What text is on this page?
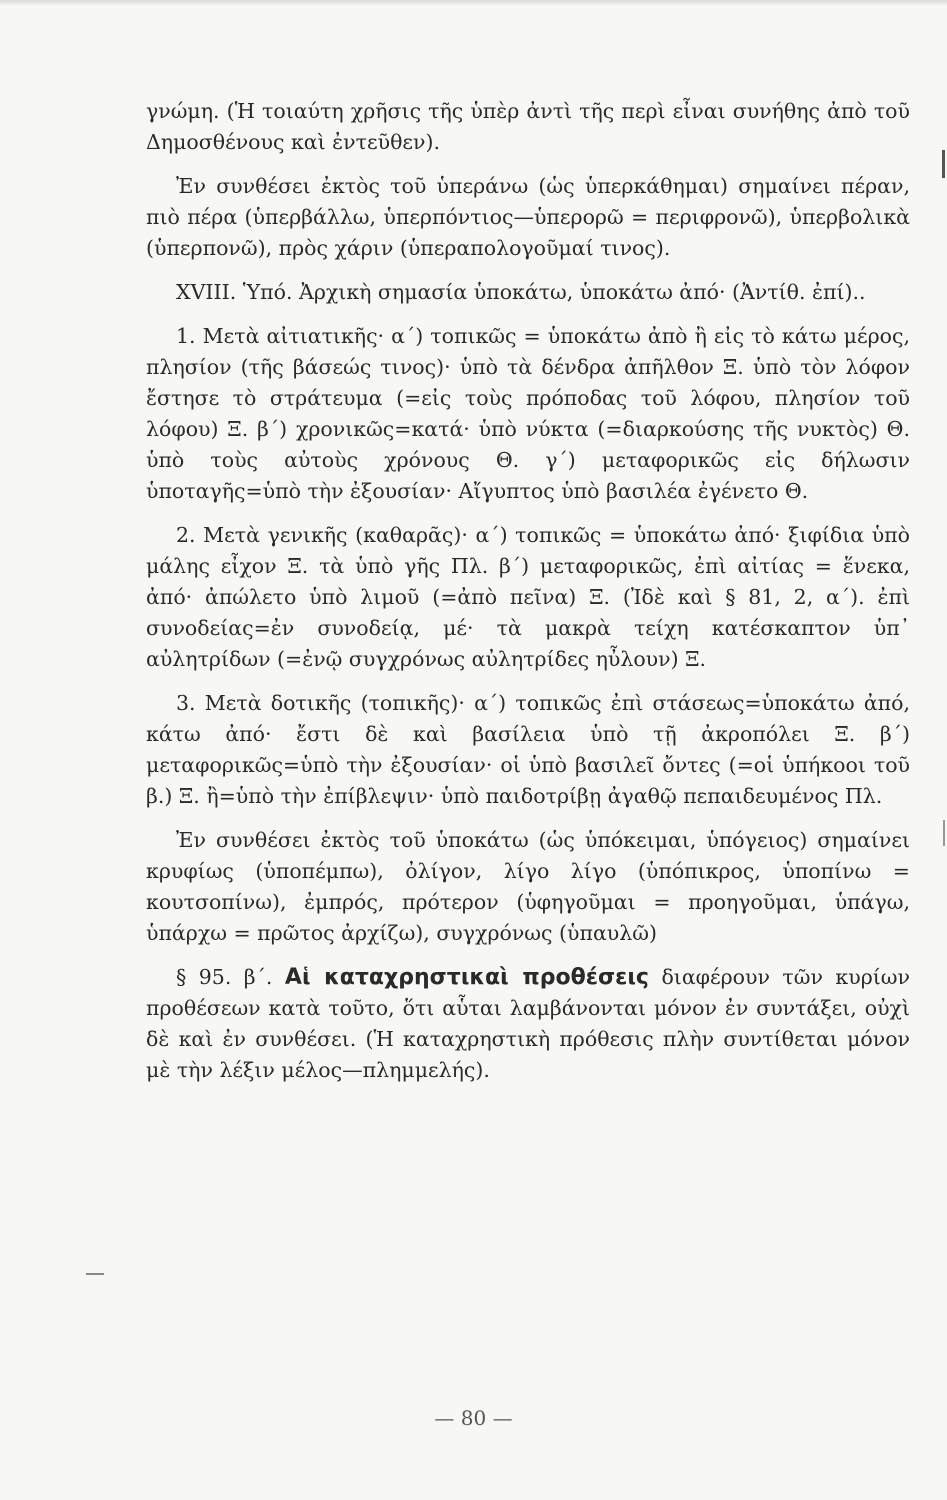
γνώμη. (Ἡ τοιαύτη χρῆσις τῆς ὑπὲρ ἀντὶ τῆς περὶ εἶναι συνήθης ἀπὸ τοῦ Δημοσθένους καὶ ἐντεῦθεν).

Ἐν συνθέσει ἐκτὸς τοῦ ὑπεράνω (ὡς ὑπερκάθημαι) σημαίνει πέραν, πιὸ πέρα (ὑπερβάλλω, ὑπερπόντιος—ὑπερορῶ = περιφρονῶ), ὑπερβολικὰ (ὑπερπονῶ), πρὸς χάριν (ὑπεραπολογοῦμαί τινος).

XVIII. Ὑπό. Ἀρχικὴ σημασία ὑποκάτω, ὑποκάτω ἀπό· (Ἀντίθ. ἐπί)..

1. Μετὰ αἰτιατικῆς· α΄) τοπικῶς = ὑποκάτω ἀπὸ ἢ εἰς τὸ κάτω μέρος, πλησίον (τῆς βάσεώς τινος)· ὑπὸ τὰ δένδρα ἀπῆλθον Ξ. ὑπὸ τὸν λόφον ἔστησε τὸ στράτευμα (=εἰς τοὺς πρόποδας τοῦ λόφου, πλησίον τοῦ λόφου) Ξ. β΄) χρονικῶς=κατά· ὑπὸ νύκτα (=διαρκούσης τῆς νυκτὸς) Θ. ὑπὸ τοὺς αὐτοὺς χρόνους Θ. γ΄) μεταφορικῶς εἰς δήλωσιν ὑποταγῆς=ὑπὸ τὴν ἐξουσίαν· Αἴγυπτος ὑπὸ βασιλέα ἐγένετο Θ.

2. Μετὰ γενικῆς (καθαρᾶς)· α΄) τοπικῶς = ὑποκάτω ἀπό· ξιφίδια ὑπὸ μάλης εἶχον Ξ. τὰ ὑπὸ γῆς Πλ. β΄) μεταφορικῶς, ἐπὶ αἰτίας = ἕνεκα, ἀπό· ἀπώλετο ὑπὸ λιμοῦ (=ἀπὸ πεῖνα) Ξ. (Ἰδὲ καὶ § 81, 2, α΄). ἐπὶ συνοδείας=ἐν συνοδείᾳ, μέ· τὰ μακρὰ τείχη κατέσκαπτον ὑπ᾽ αὐλητρίδων (=ἐνῷ συγχρόνως αὐλητρίδες ηὖλουν) Ξ.

3. Μετὰ δοτικῆς (τοπικῆς)· α΄) τοπικῶς ἐπὶ στάσεως=ὑποκάτω ἀπό, κάτω ἀπό· ἔστι δὲ καὶ βασίλεια ὑπὸ τῇ ἀκροπόλει Ξ. β΄) μεταφορικῶς=ὑπὸ τὴν ἐξουσίαν· οἱ ὑπὸ βασιλεῖ ὄντες (=οἱ ὑπήκοοι τοῦ β.) Ξ. ἢ=ὑπὸ τὴν ἐπίβλεψιν· ὑπὸ παιδοτρίβῃ ἀγαθῷ πεπαιδευμένος Πλ.

Ἐν συνθέσει ἐκτὸς τοῦ ὑποκάτω (ὡς ὑπόκειμαι, ὑπόγειος) σημαίνει κρυφίως (ὑποπέμπω), ὀλίγον, λίγο λίγο (ὑπόπικρος, ὑποπίνω = κουτσοπίνω), ἐμπρός, πρότερον (ὑφηγοῦμαι = προηγοῦμαι, ὑπάγω, ὑπάρχω = πρῶτος ἀρχίζω), συγχρόνως (ὑπαυλῶ)

§ 95. β΄. Αἱ καταχρηστικαὶ προθέσεις διαφέρουν τῶν κυρίων προθέσεων κατὰ τοῦτο, ὅτι αὗται λαμβάνονται μόνον ἐν συντάξει, οὐχὶ δὲ καὶ ἐν συνθέσει. (Ἡ καταχρηστικὴ πρόθεσις πλὴν συντίθεται μόνον μὲ τὴν λέξιν μέλος—πλημμελής).

— 80 —
